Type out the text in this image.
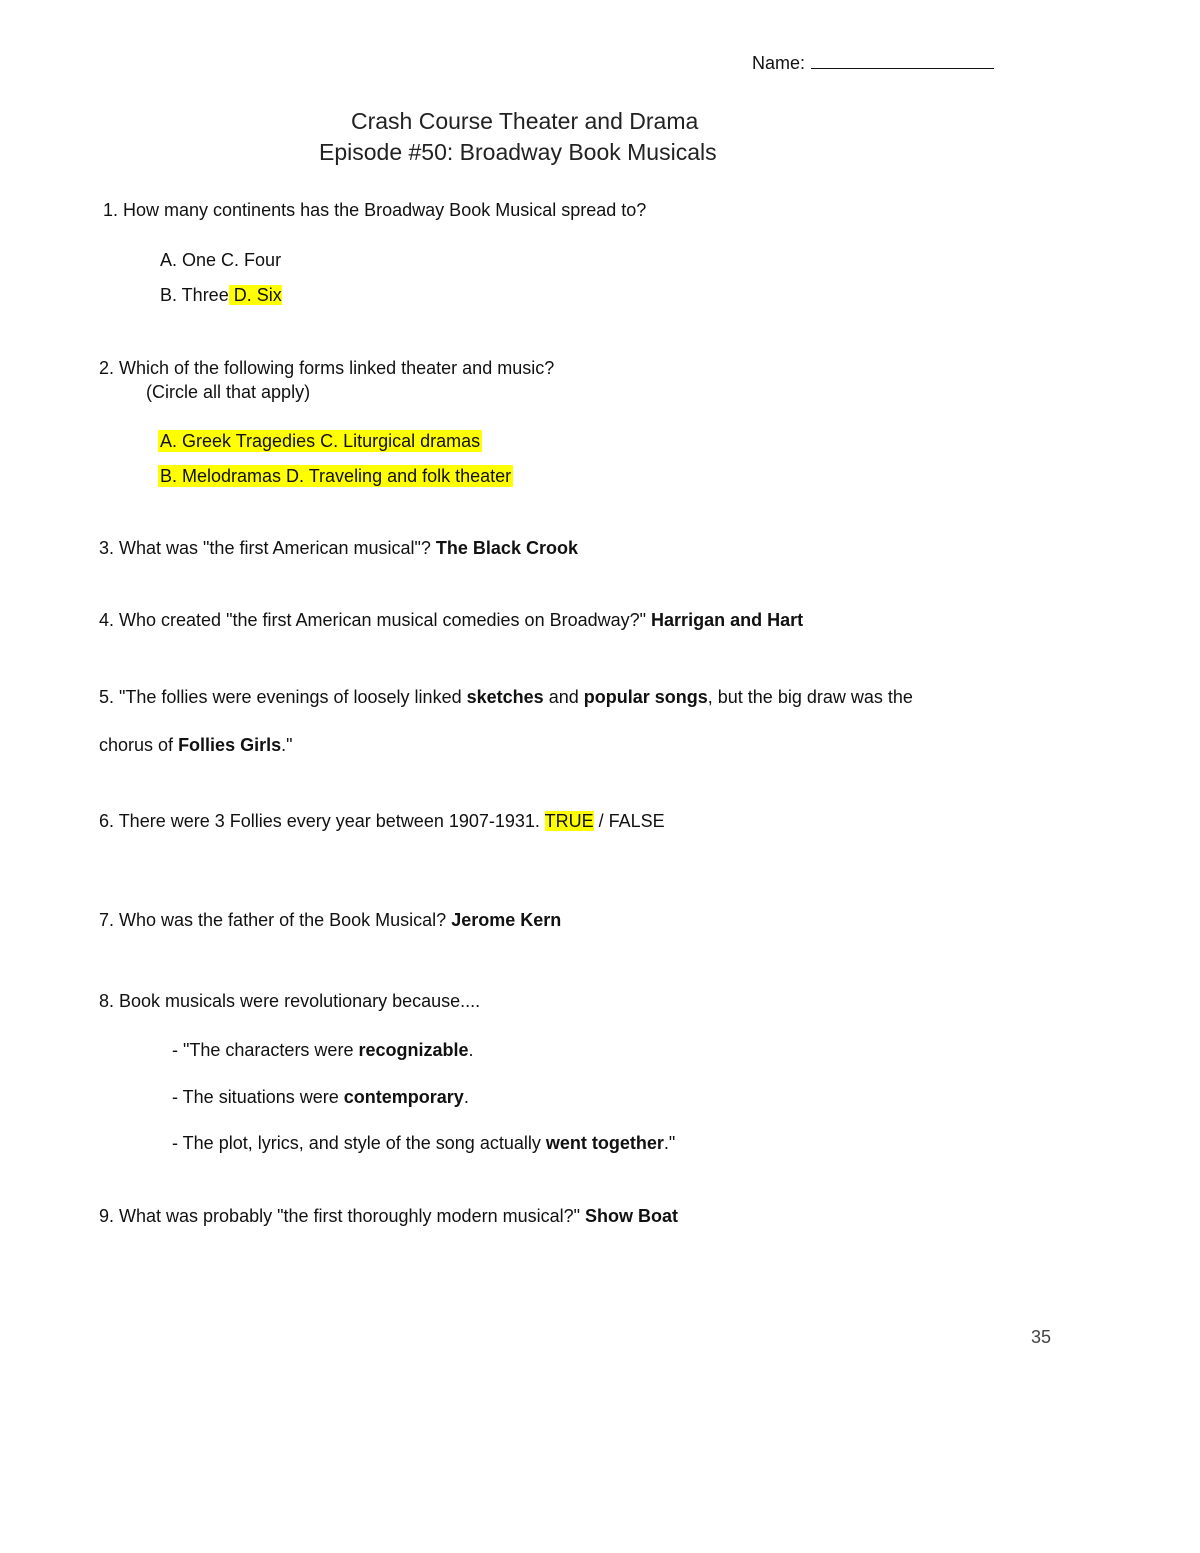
Name:
Crash Course Theater and Drama
Episode #50: Broadway Book Musicals
1. How many continents has the Broadway Book Musical spread to?
A. One C. Four
B. Three D. Six
2. Which of the following forms linked theater and music?
(Circle all that apply)
A. Greek Tragedies C. Liturgical dramas
B. Melodramas D. Traveling and folk theater
3. What was "the first American musical"? The Black Crook
4. Who created "the first American musical comedies on Broadway?" Harrigan and Hart
5. "The follies were evenings of loosely linked sketches and popular songs, but the big draw was the
chorus of Follies Girls."
6. There were 3 Follies every year between 1907-1931. TRUE / FALSE
7. Who was the father of the Book Musical? Jerome Kern
8. Book musicals were revolutionary because....
- "The characters were recognizable.
- The situations were contemporary.
- The plot, lyrics, and style of the song actually went together."
9. What was probably "the first thoroughly modern musical?" Show Boat
35
